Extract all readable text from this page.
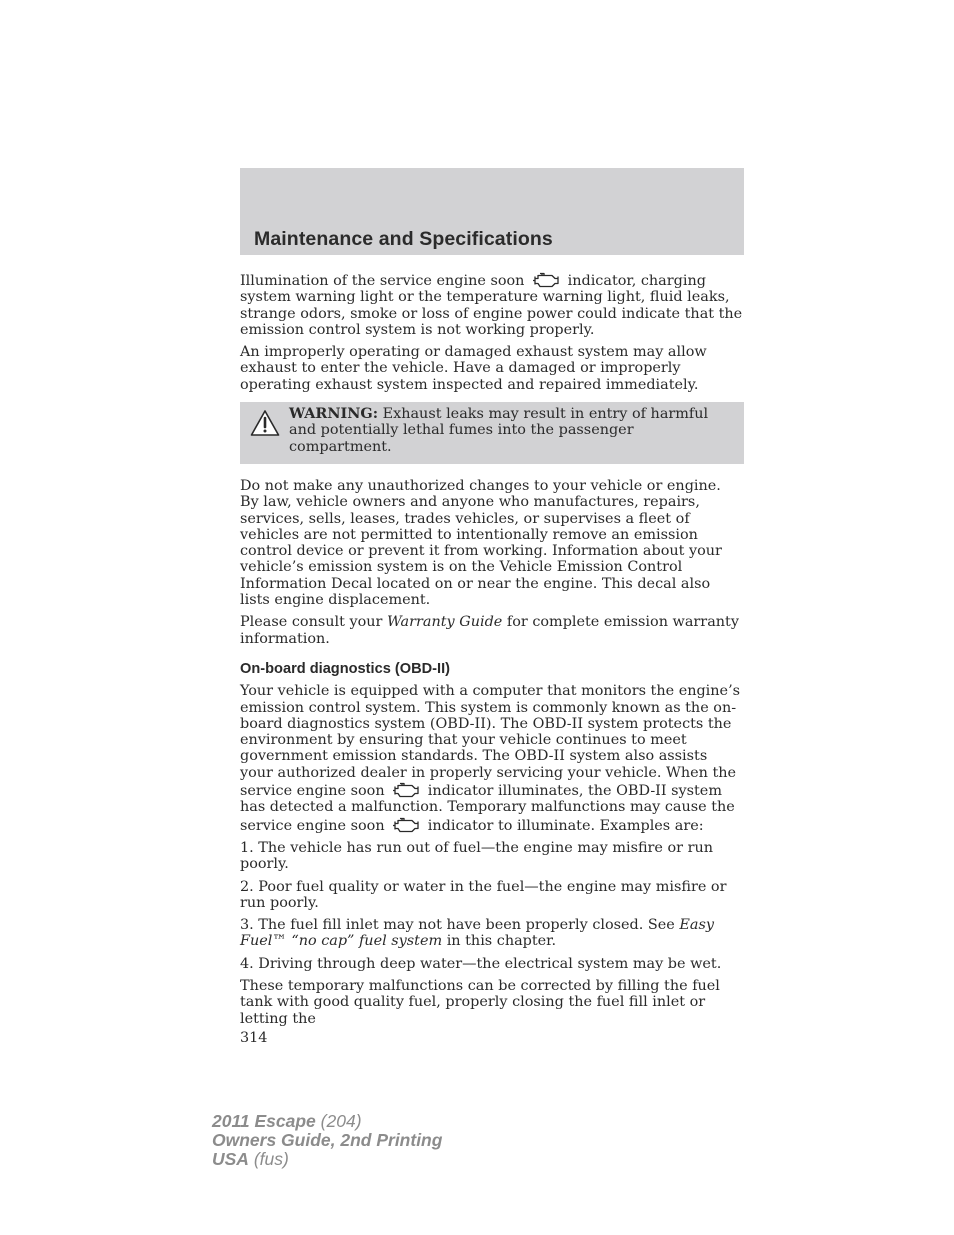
Maintenance and Specifications

Illumination of the service engine soon	indicator, charging system warning light or the temperature warning light, fluid leaks, strange odors, smoke or loss of engine power could indicate that the emission control system is not working properly.

An improperly operating or damaged exhaust system may allow exhaust to enter the vehicle. Have a damaged or improperly operating exhaust system inspected and repaired immediately.

WARNING: Exhaust leaks may result in entry of harmful and potentially lethal fumes into the passenger compartment.

Do not make any unauthorized changes to your vehicle or engine. By law, vehicle owners and anyone who manufactures, repairs, services, sells, leases, trades vehicles, or supervises a fleet of vehicles are not permitted to intentionally remove an emission control device or prevent it from working. Information about your vehicle’s emission system is on the Vehicle Emission Control Information Decal located on or near the engine. This decal also lists engine displacement.

Please consult your Warranty Guide for complete emission warranty information.

On-board diagnostics (OBD-II)

Your vehicle is equipped with a computer that monitors the engine’s emission control system. This system is commonly known as the on-board diagnostics system (OBD-II). The OBD-II system protects the environment by ensuring that your vehicle continues to meet government emission standards. The OBD-II system also assists your authorized dealer in properly servicing your vehicle. When the service engine soon	indicator illuminates, the OBD-II system has detected a malfunction. Temporary malfunctions may cause the service engine soon	indicator to illuminate. Examples are:

1. The vehicle has run out of fuel—the engine may misfire or run poorly.

2. Poor fuel quality or water in the fuel—the engine may misfire or run poorly.

3. The fuel fill inlet may not have been properly closed. See Easy Fuel™ “no cap” fuel system in this chapter.

4. Driving through deep water—the electrical system may be wet.

These temporary malfunctions can be corrected by filling the fuel tank with good quality fuel, properly closing the fuel fill inlet or letting the

314
2011 Escape (204)
Owners Guide, 2nd Printing
USA (fus)
